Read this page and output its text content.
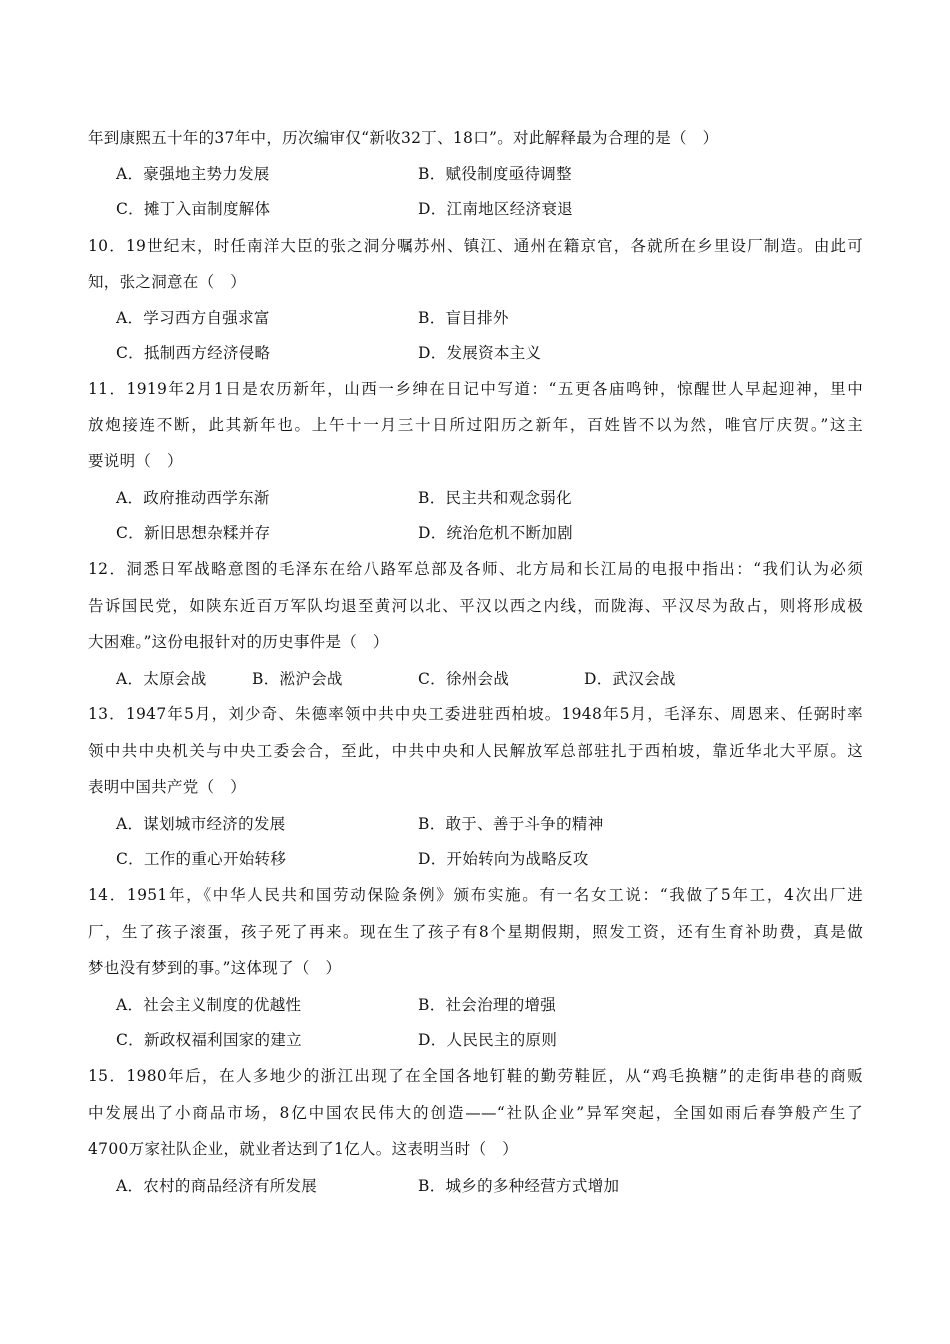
年到康熙五十年的37年中，历次编审仅“新收32丁、18口”。对此解释最为合理的是（　）
A．豪强地主势力发展	B．赋役制度亟待调整
C．摊丁入亩制度解体	D．江南地区经济衰退
10．19世纪末，时任南洋大臣的张之洞分嘱苏州、镇江、通州在籍京官，各就所在乡里设厂制造。由此可
知，张之洞意在（　）
A．学习西方自强求富	B．盲目排外
C．抵制西方经济侵略	D．发展资本主义
11．1919年2月1日是农历新年，山西一乡绅在日记中写道：“五更各庙鸣钟，惊醒世人早起迎神，里中
放炮接连不断，此其新年也。上午十一月三十日所过阳历之新年，百姓皆不以为然，唯官厅庆贺。”这主
要说明（　）
A．政府推动西学东渐	B．民主共和观念弱化
C．新旧思想杂糅并存	D．统治危机不断加剧
12．洞悉日军战略意图的毛泽东在给八路军总部及各师、北方局和长江局的电报中指出：“我们认为必须
告诉国民党，如陕东近百万军队均退至黄河以北、平汉以西之内线，而陇海、平汉尽为敌占，则将形成极
大困难。”这份电报针对的历史事件是（　）
A．太原会战	B．淞沪会战	C．徐州会战	D．武汉会战
13．1947年5月，刘少奇、朱德率领中共中央工委进驻西柏坡。1948年5月，毛泽东、周恩来、任弼时率
领中共中央机关与中央工委会合，至此，中共中央和人民解放军总部驻扎于西柏坡，靠近华北大平原。这
表明中国共产党（　）
A．谋划城市经济的发展	B．敢于、善于斗争的精神
C．工作的重心开始转移	D．开始转向为战略反攻
14．1951年，《中华人民共和国劳动保险条例》颁布实施。有一名女工说：“我做了5年工，4次出厂进
厂，生了孩子滚蛋，孩子死了再来。现在生了孩子有8个星期假期，照发工资，还有生育补助费，真是做
梦也没有梦到的事。”这体现了（　）
A．社会主义制度的优越性	B．社会治理的增强
C．新政权福利国家的建立	D．人民民主的原则
15．1980年后，在人多地少的浙江出现了在全国各地钉鞋的勤劳鞋匠，从“鸡毛换糖”的走街串巷的商贩
中发展出了小商品市场，8亿中国农民伟大的创造——“社队企业”异军突起，全国如雨后春笋般产生了
4700万家社队企业，就业者达到了1亿人。这表明当时（　）
A．农村的商品经济有所发展	B．城乡的多种经营方式增加
